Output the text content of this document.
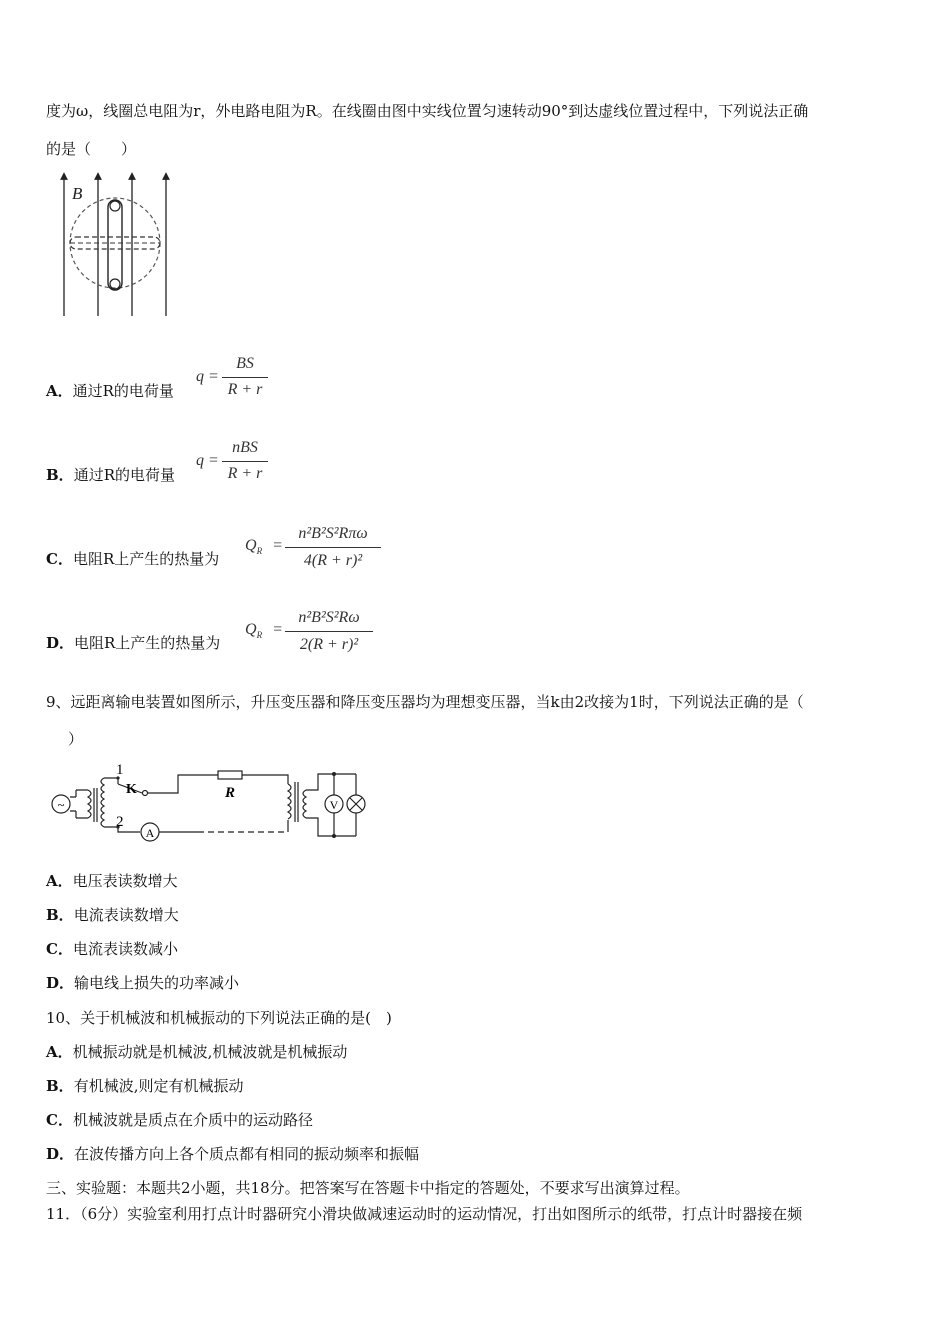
度为ω，线圈总电阻为r，外电路电阻为R。在线圈由图中实线位置匀速转动90°到达虚线位置过程中，下列说法正确
的是（　　）
B
A．通过R的电荷量
q =
BS
R + r
B．通过R的电荷量
q =
nBS
R + r
C．电阻R上产生的热量为
$Q_R$ =
n²B²S²Rπω
4(R + r)²
D．电阻R上产生的热量为
$Q_R$ =
n²B²S²Rω
2(R + r)²
9、远距离输电装置如图所示，升压变压器和降压变压器均为理想变压器，当k由2改接为1时，下列说法正确的是（
）
~
1
2
K	R
A
V
A．电压表读数增大
B．电流表读数增大
C．电流表读数减小
D．输电线上损失的功率减小
10、关于机械波和机械振动的下列说法正确的是(　)
A．机械振动就是机械波,机械波就是机械振动
B．有机械波,则定有机械振动
C．机械波就是质点在介质中的运动路径
D．在波传播方向上各个质点都有相同的振动频率和振幅
三、实验题：本题共2小题，共18分。把答案写在答题卡中指定的答题处，不要求写出演算过程。
11．（6分）实验室利用打点计时器研究小滑块做减速运动时的运动情况，打出如图所示的纸带，打点计时器接在频
